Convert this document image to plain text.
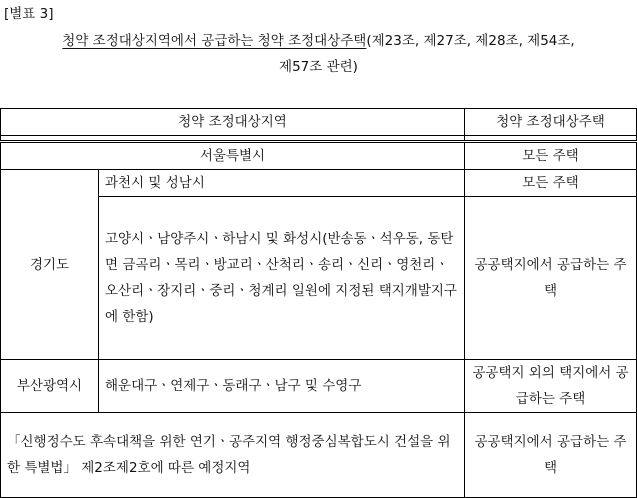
[별표 3]
청약 조정대상지역에서 공급하는 청약 조정대상주택(제23조, 제27조, 제28조, 제54조,
제57조 관련)
청약 조정대상지역		청약 조정대상주택

서울특별시		모든 주택
경기도	과천시 및 성남시	모든 주택
	고양시ㆍ남양주시ㆍ하남시 및 화성시(반송동ㆍ석우동, 동탄면 금곡리ㆍ목리ㆍ방교리ㆍ산척리ㆍ송리ㆍ신리ㆍ영천리ㆍ오산리ㆍ장지리ㆍ중리ㆍ청계리 일원에 지정된 택지개발지구에 한함)	공공택지에서 공급하는 주택
부산광역시	해운대구ㆍ연제구ㆍ동래구ㆍ남구 및 수영구	공공택지 외의 택지에서 공급하는 주택
「신행정수도 후속대책을 위한 연기ㆍ공주지역 행정중심복합도시 건설을 위한 특별법」 제2조제2호에 따른 예정지역		공공택지에서 공급하는 주택
